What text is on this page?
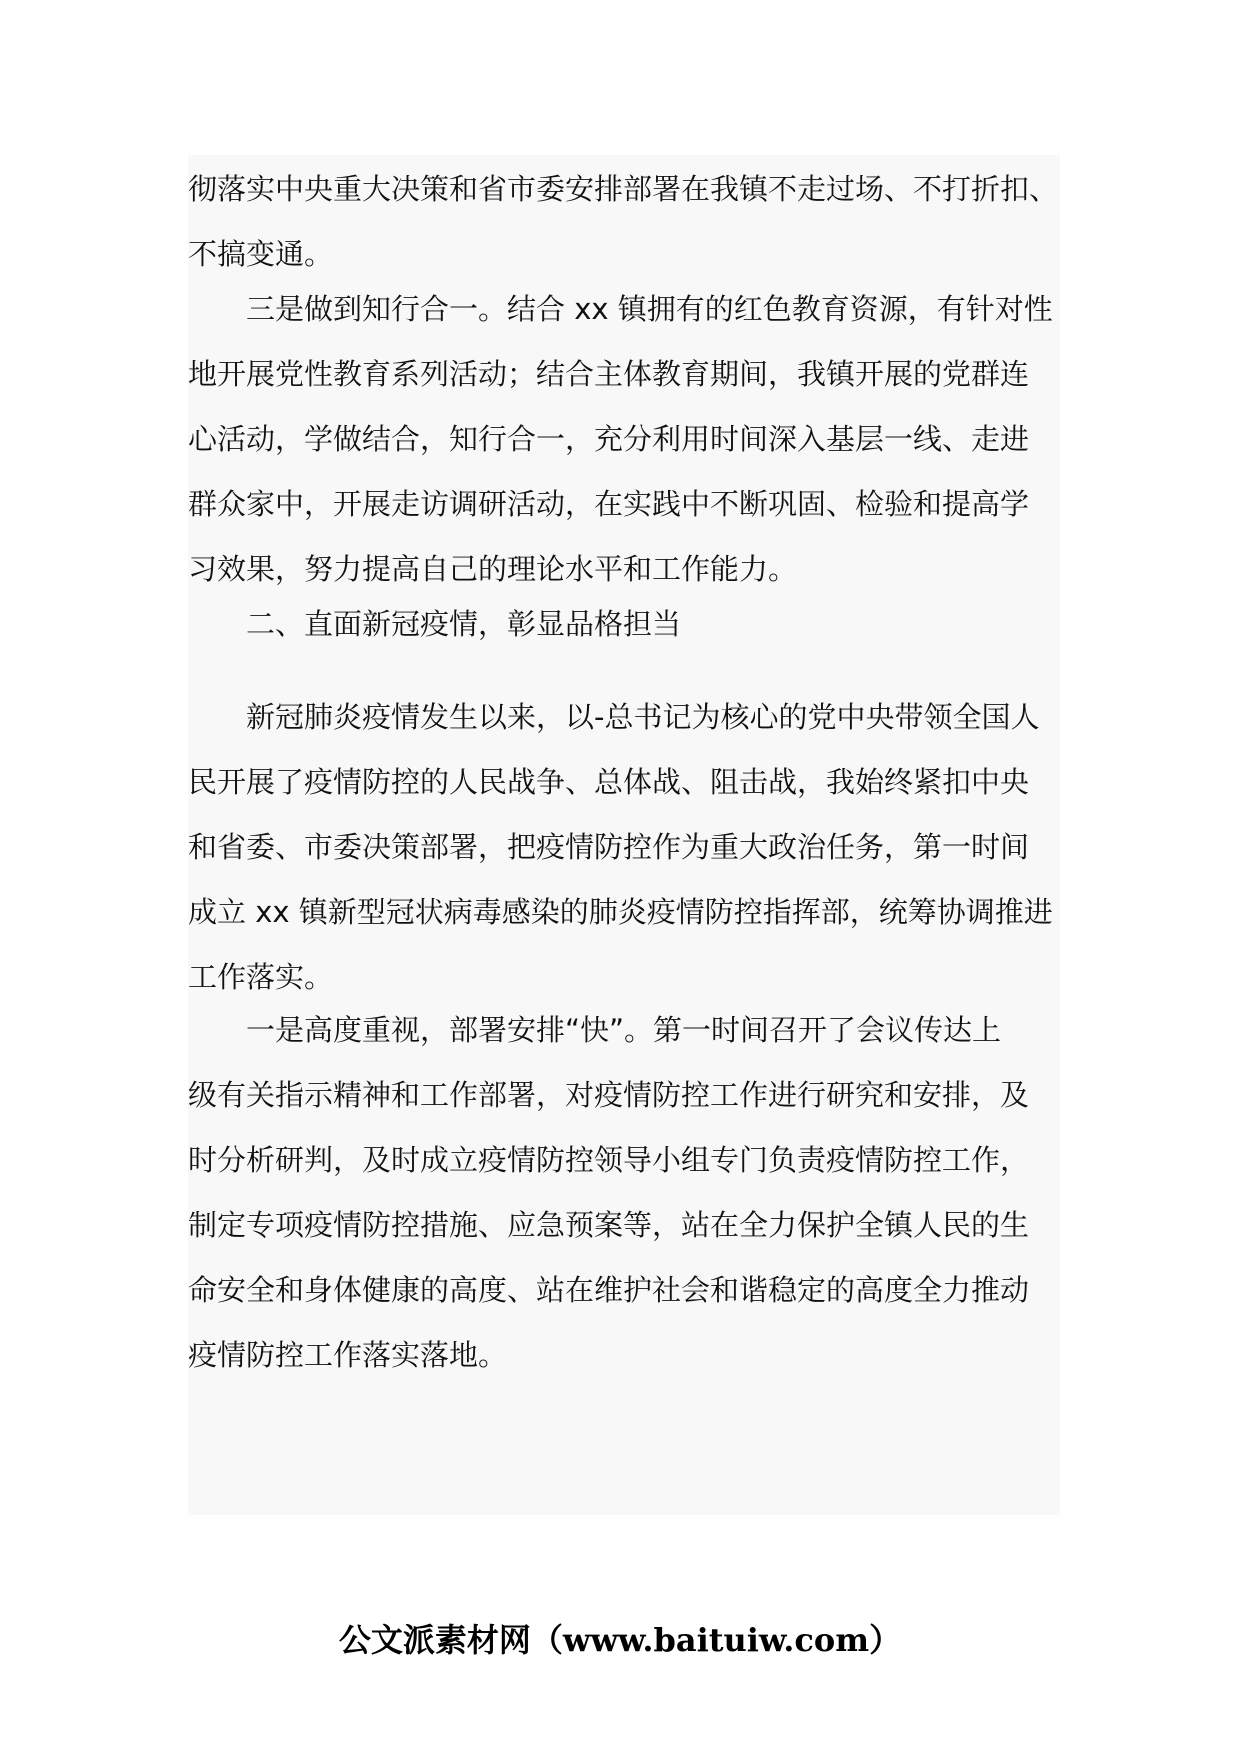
彻落实中央重大决策和省市委安排部署在我镇不走过场、不打折扣、
不搞变通。

三是做到知行合一。结合 xx 镇拥有的红色教育资源，有针对性
地开展党性教育系列活动；结合主体教育期间，我镇开展的党群连
心活动，学做结合，知行合一，充分利用时间深入基层一线、走进
群众家中，开展走访调研活动，在实践中不断巩固、检验和提高学
习效果，努力提高自己的理论水平和工作能力。

二、直面新冠疫情，彰显品格担当

新冠肺炎疫情发生以来，以-总书记为核心的党中央带领全国人
民开展了疫情防控的人民战争、总体战、阻击战，我始终紧扣中央
和省委、市委决策部署，把疫情防控作为重大政治任务，第一时间
成立 xx 镇新型冠状病毒感染的肺炎疫情防控指挥部，统筹协调推进
工作落实。

一是高度重视，部署安排“快”。第一时间召开了会议传达上
级有关指示精神和工作部署，对疫情防控工作进行研究和安排，及
时分析研判，及时成立疫情防控领导小组专门负责疫情防控工作，
制定专项疫情防控措施、应急预案等，站在全力保护全镇人民的生
命安全和身体健康的高度、站在维护社会和谐稳定的高度全力推动
疫情防控工作落实落地。

公文派素材网（www.baituiw.com）
